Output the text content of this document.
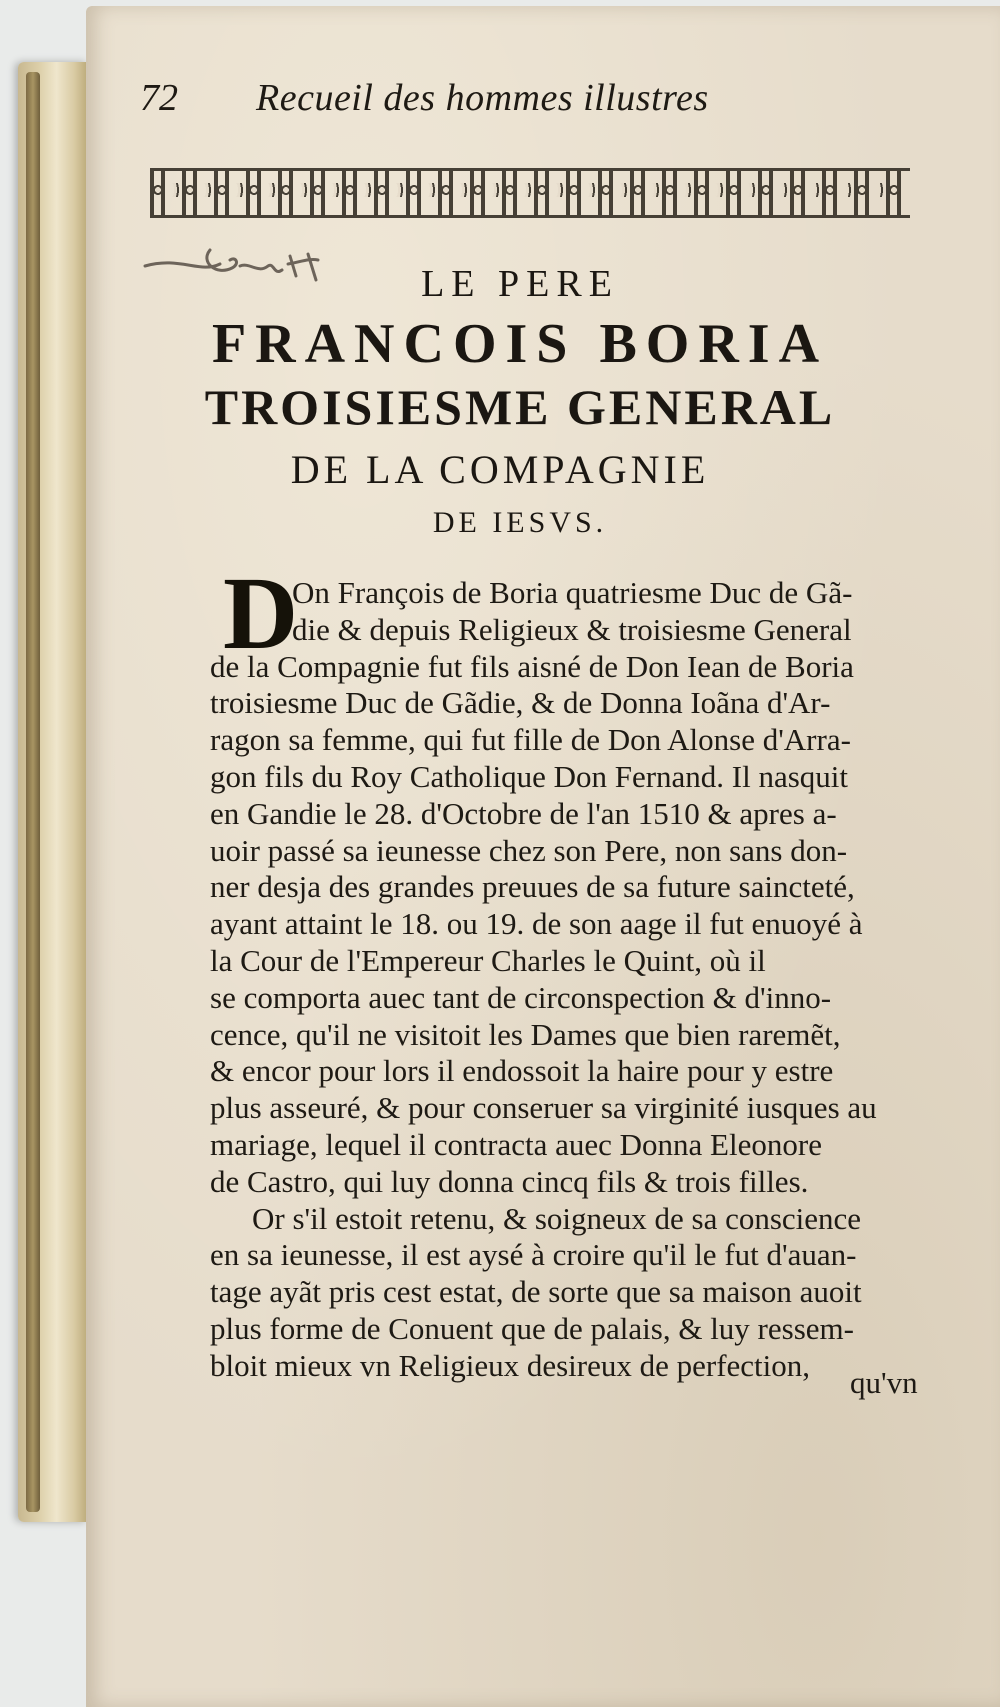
72 Recueil des hommes illustres
LE PERE
FRANCOIS BORIA
TROISIESME GENERAL
DE LA COMPAGNIE
DE IESVS.
D
On François de Boria quatriesme Duc de Gã-
die & depuis Religieux & troisiesme General
de la Compagnie fut fils aisné de Don Iean de Boria
troisiesme Duc de Gãdie, & de Donna Ioãna d'Ar-
ragon sa femme, qui fut fille de Don Alonse d'Arra-
gon fils du Roy Catholique Don Fernand. Il nasquit
en Gandie le 28. d'Octobre de l'an 1510 & apres a-
uoir passé sa ieunesse chez son Pere, non sans don-
ner desja des grandes preuues de sa future saincteté,
ayant attaint le 18. ou 19. de son aage il fut enuoyé à
la Cour de l'Empereur Charles le Quint, où il
se comporta auec tant de circonspection & d'inno-
cence, qu'il ne visitoit les Dames que bien raremẽt,
& encor pour lors il endossoit la haire pour y estre
plus asseuré, & pour conseruer sa virginité iusques au
mariage, lequel il contracta auec Donna Eleonore
de Castro, qui luy donna cincq fils & trois filles.
Or s'il estoit retenu, & soigneux de sa conscience
en sa ieunesse, il est aysé à croire qu'il le fut d'auan-
tage ayãt pris cest estat, de sorte que sa maison auoit
plus forme de Conuent que de palais, & luy ressem-
bloit mieux vn Religieux desireux de perfection,	qu'vn
